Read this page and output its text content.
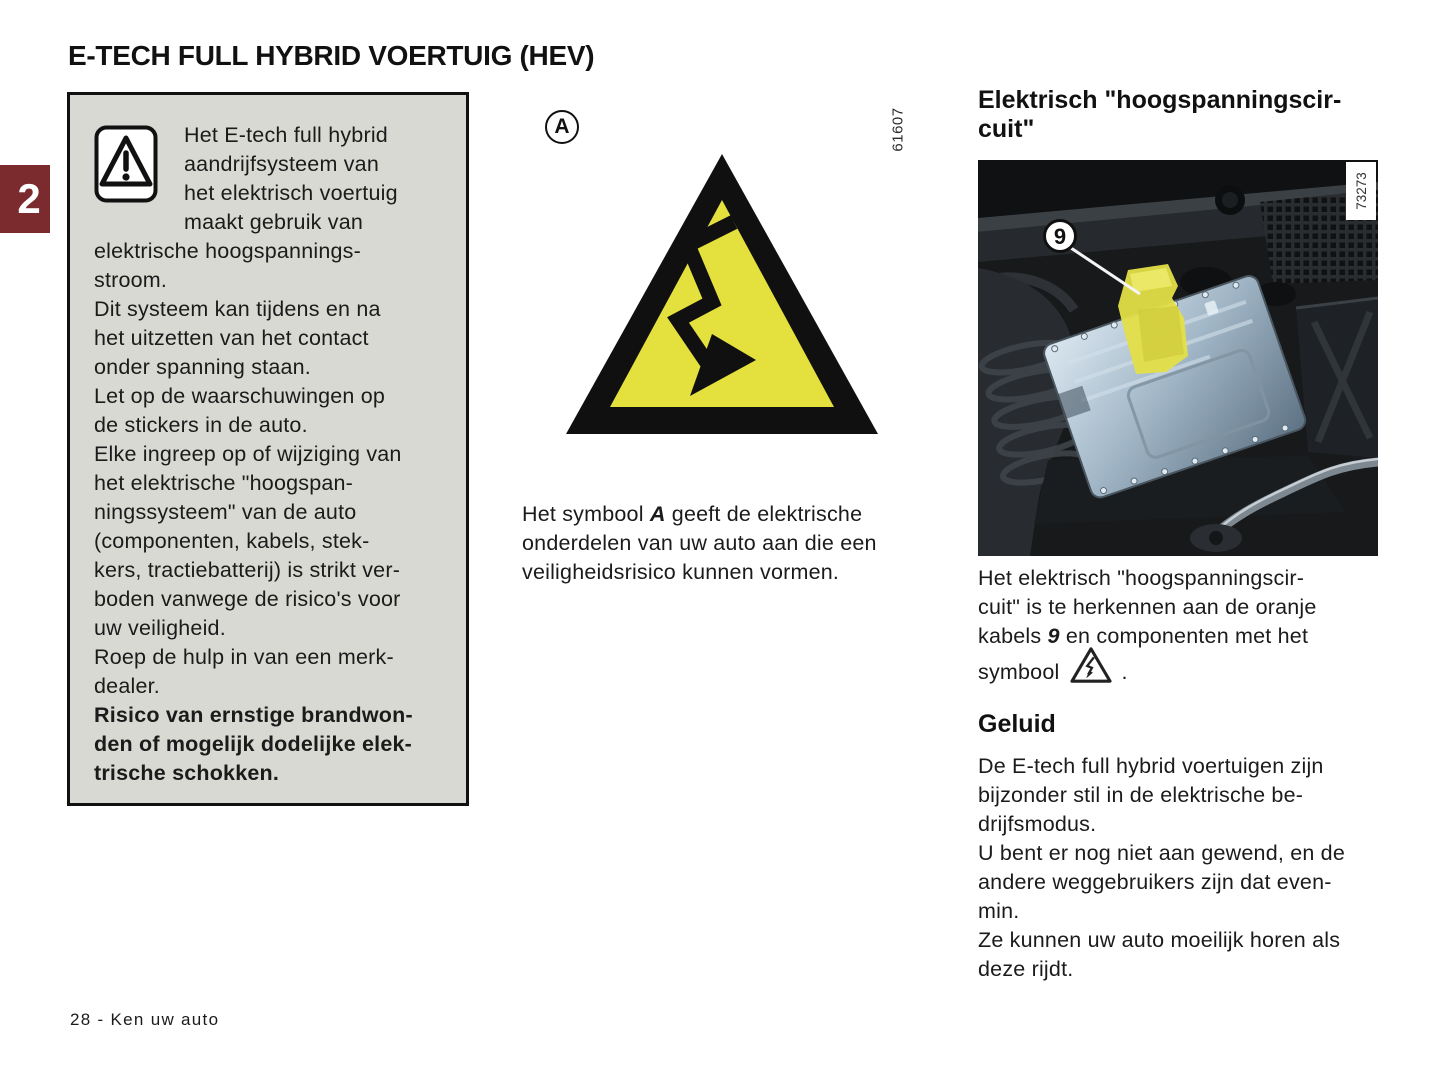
E-TECH FULL HYBRID VOERTUIG (HEV)
2
Het E-tech full hybrid
aandrijfsysteem van
het elektrisch voertuig
maakt gebruik van
elektrische hoogspannings-
stroom.
Dit systeem kan tijdens en na
het uitzetten van het contact
onder spanning staan.
Let op de waarschuwingen op
de stickers in de auto.
Elke ingreep op of wijziging van
het elektrische "hoogspan-
ningssysteem" van de auto
(componenten, kabels, stek-
kers, tractiebatterij) is strikt ver-
boden vanwege de risico's voor
uw veiligheid.
Roep de hulp in van een merk-
dealer.
Risico van ernstige brandwon-
den of mogelijk dodelijke elek-
trische schokken.
A	61607
Het symbool A geeft de elektrische
onderdelen van uw auto aan die een
veiligheidsrisico kunnen vormen.
Elektrisch "hoogspanningscir-
cuit"
9
73273
Het elektrisch "hoogspanningscir-
cuit" is te herkennen aan de oranje
kabels 9 en componenten met het
symbool	.
Geluid
De E-tech full hybrid voertuigen zijn
bijzonder stil in de elektrische be-
drijfsmodus.
U bent er nog niet aan gewend, en de
andere weggebruikers zijn dat even-
min.
Ze kunnen uw auto moeilijk horen als
deze rijdt.
28 - Ken uw auto
